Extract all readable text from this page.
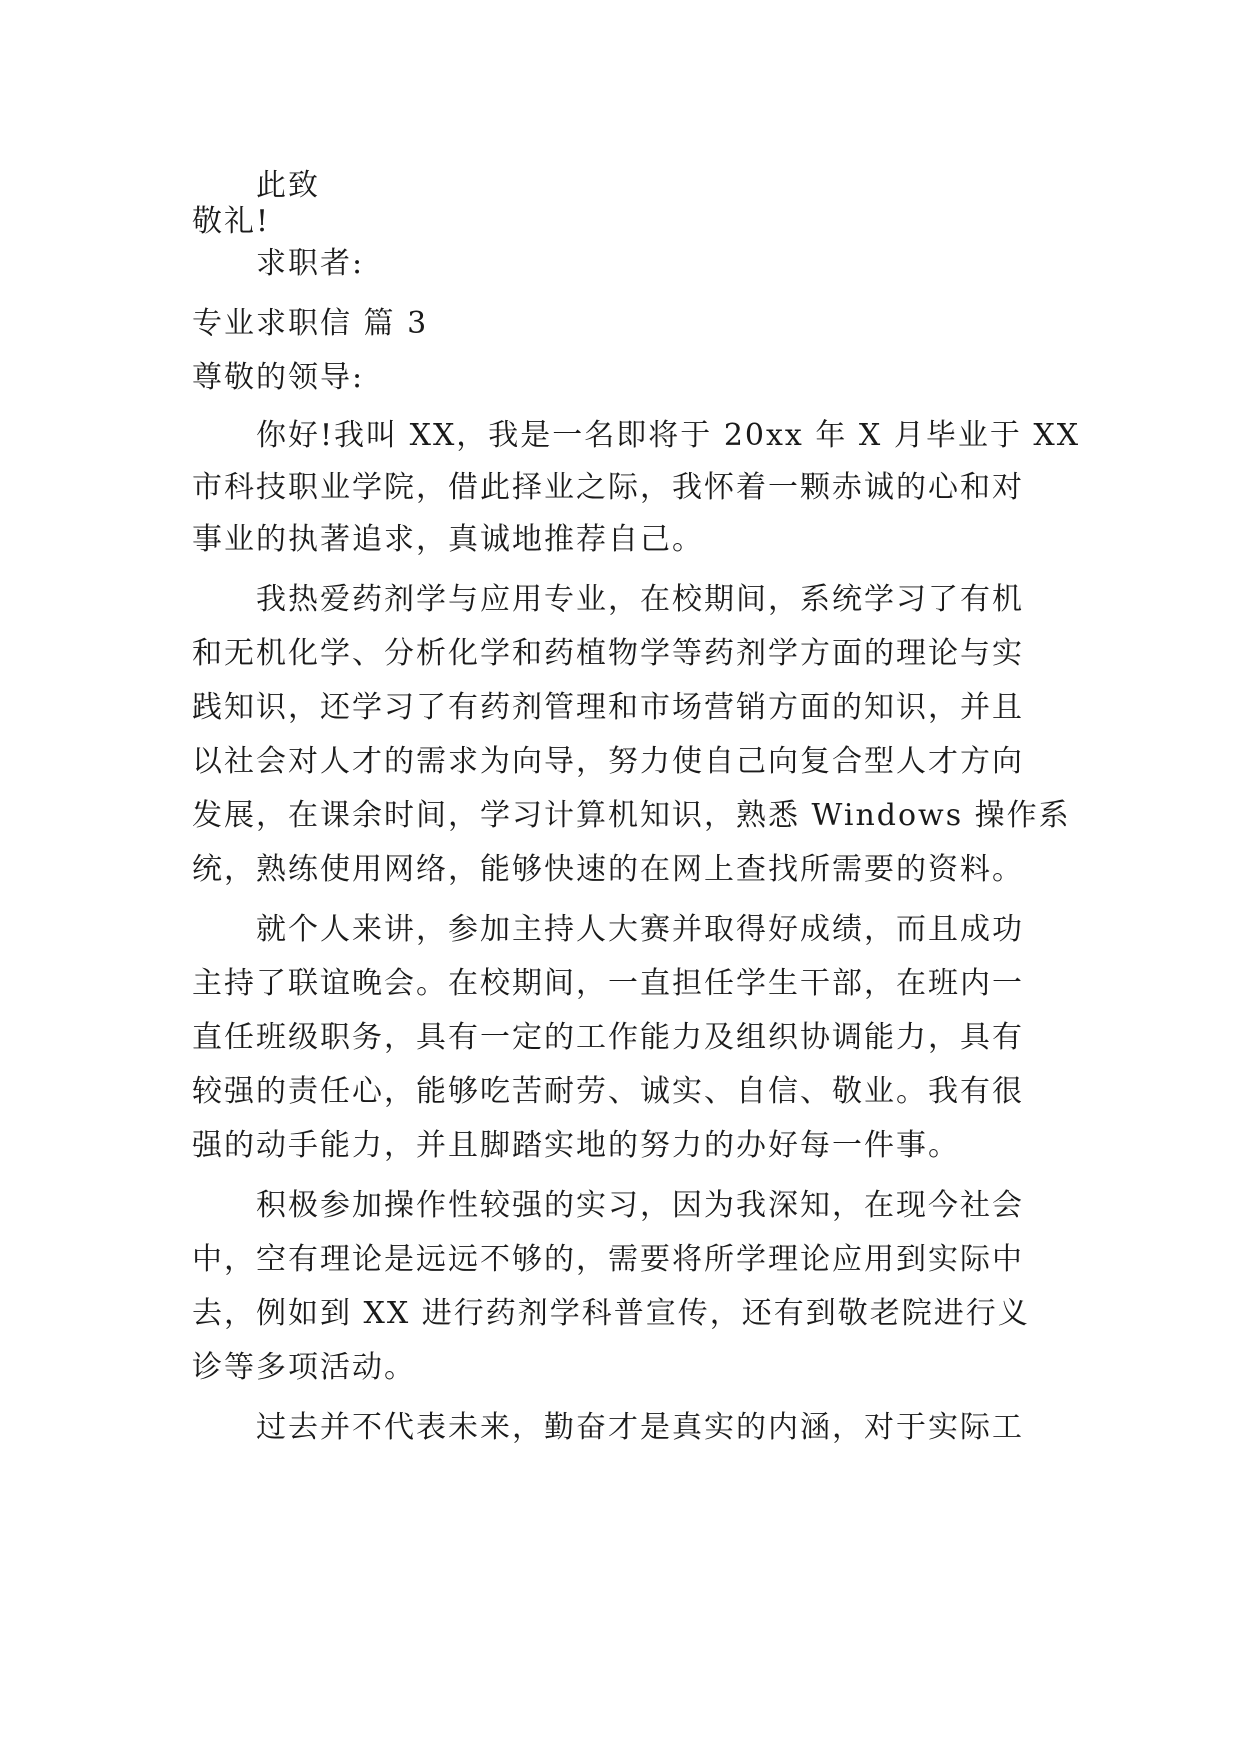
此致
敬礼!
求职者:
专业求职信 篇 3
尊敬的领导:
你好!我叫 XX，我是一名即将于 20xx 年 X 月毕业于 XX
市科技职业学院，借此择业之际，我怀着一颗赤诚的心和对
事业的执著追求，真诚地推荐自己。
我热爱药剂学与应用专业，在校期间，系统学习了有机
和无机化学、分析化学和药植物学等药剂学方面的理论与实
践知识，还学习了有药剂管理和市场营销方面的知识，并且
以社会对人才的需求为向导，努力使自己向复合型人才方向
发展，在课余时间，学习计算机知识，熟悉 Windows 操作系
统，熟练使用网络，能够快速的在网上查找所需要的资料。
就个人来讲，参加主持人大赛并取得好成绩，而且成功
主持了联谊晚会。在校期间，一直担任学生干部，在班内一
直任班级职务，具有一定的工作能力及组织协调能力，具有
较强的责任心，能够吃苦耐劳、诚实、自信、敬业。我有很
强的动手能力，并且脚踏实地的努力的办好每一件事。
积极参加操作性较强的实习，因为我深知，在现今社会
中，空有理论是远远不够的，需要将所学理论应用到实际中
去，例如到 XX 进行药剂学科普宣传，还有到敬老院进行义
诊等多项活动。
过去并不代表未来，勤奋才是真实的内涵，对于实际工
